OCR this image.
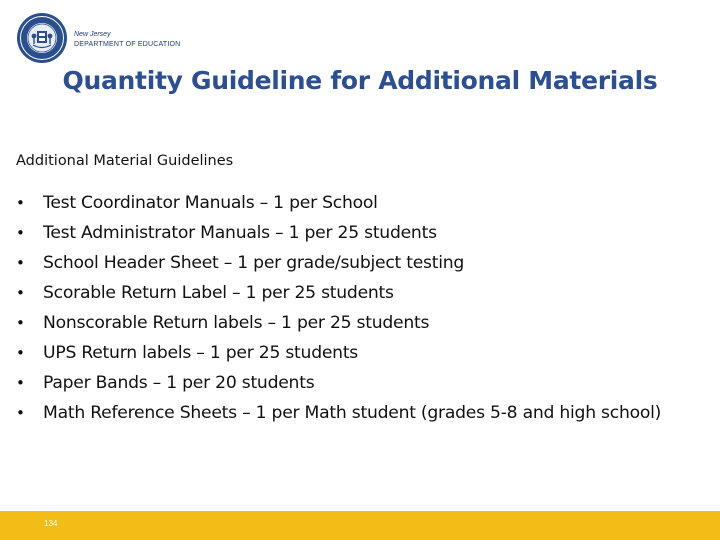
New Jersey
DEPARTMENT OF EDUCATION
Quantity Guideline for Additional Materials
Additional Material Guidelines
•	Test Coordinator Manuals – 1 per School
•	Test Administrator Manuals – 1 per 25 students
•	School Header Sheet – 1 per grade/subject testing
•	Scorable Return Label – 1 per 25 students
•	Nonscorable Return labels – 1 per 25 students
•	UPS Return labels – 1 per 25 students
•	Paper Bands – 1 per 20 students
•	Math Reference Sheets – 1 per Math student (grades 5-8 and high school)
134
